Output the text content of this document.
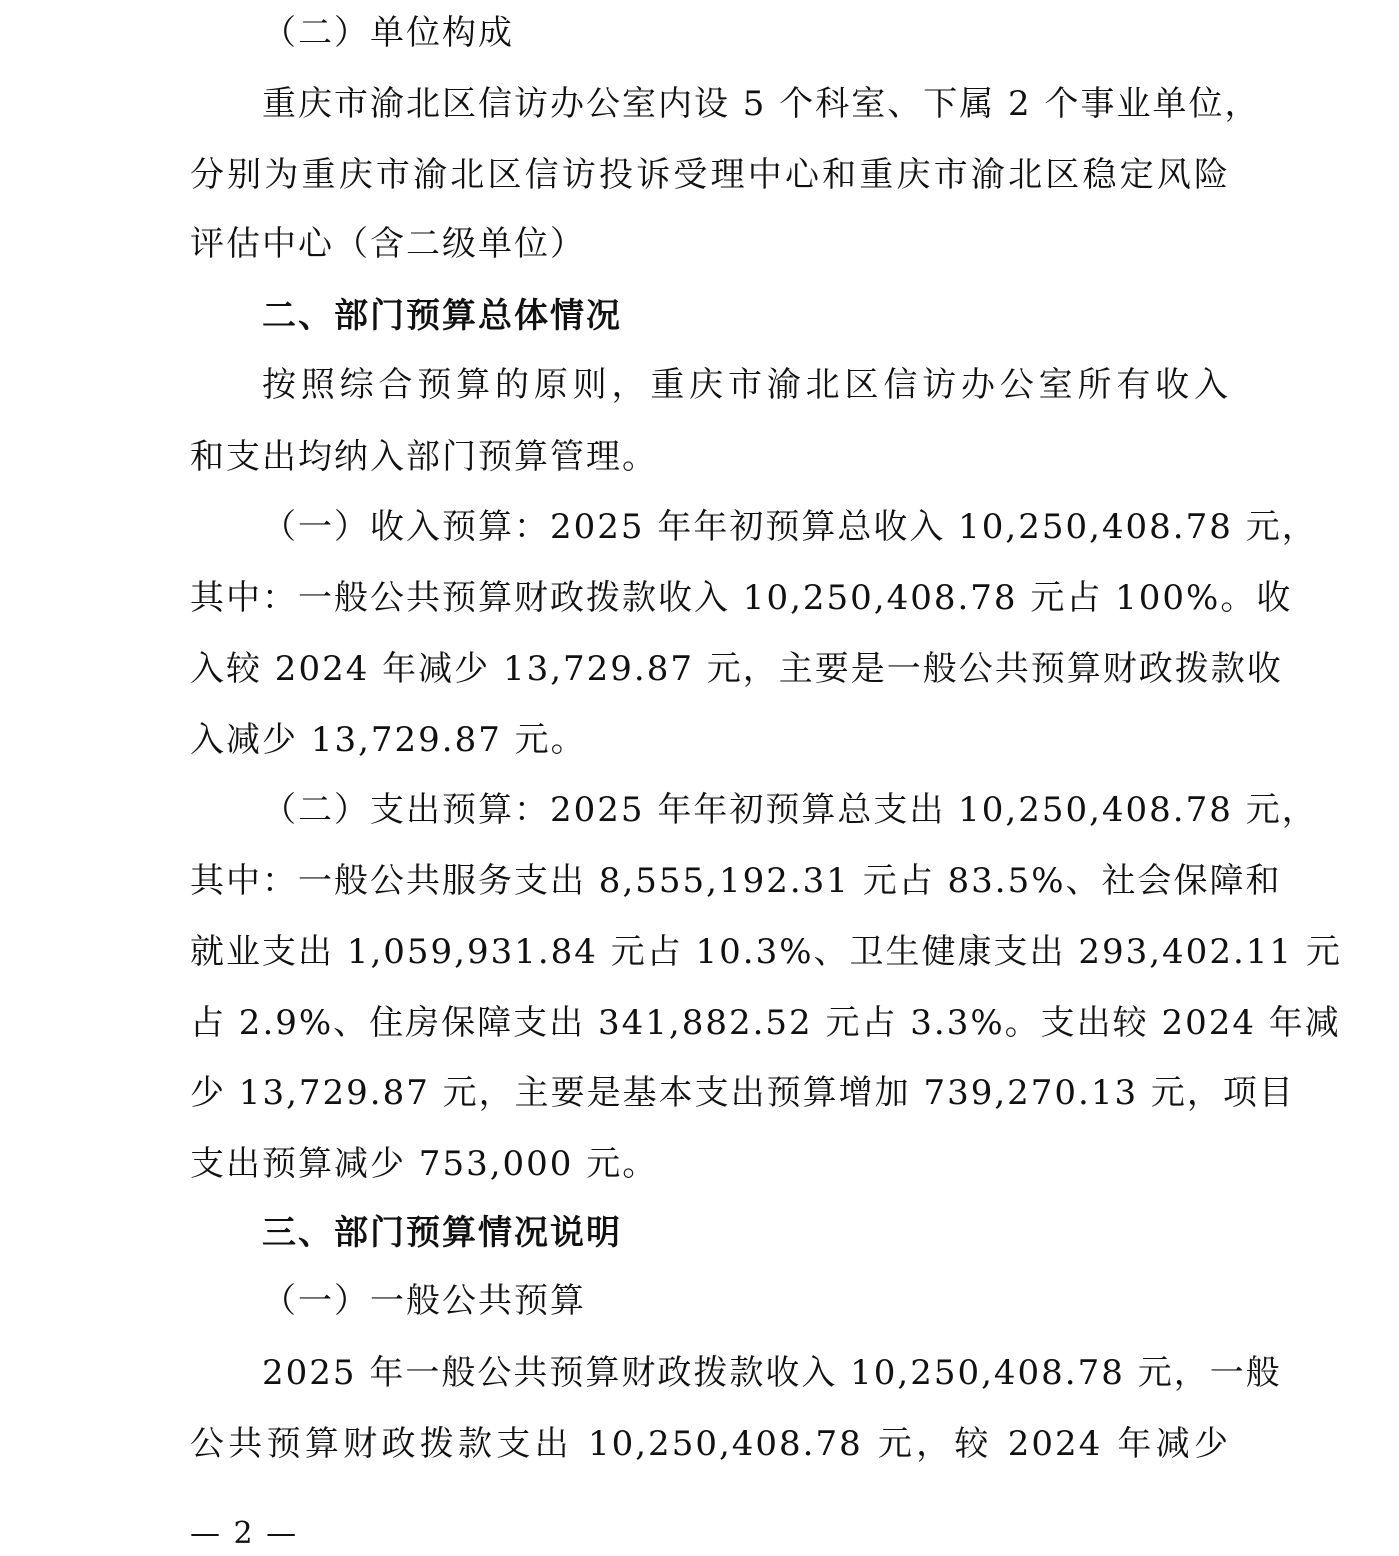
（二）单位构成
重庆市渝北区信访办公室内设 5 个科室、下属 2 个事业单位，
分别为重庆市渝北区信访投诉受理中心和重庆市渝北区稳定风险
评估中心（含二级单位）
二、部门预算总体情况
按照综合预算的原则，重庆市渝北区信访办公室所有收入
和支出均纳入部门预算管理。
（一）收入预算：2025 年年初预算总收入 10,250,408.78 元，
其中：一般公共预算财政拨款收入 10,250,408.78 元占 100%。收
入较 2024 年减少 13,729.87 元，主要是一般公共预算财政拨款收
入减少 13,729.87 元。
（二）支出预算：2025 年年初预算总支出 10,250,408.78 元，
其中：一般公共服务支出 8,555,192.31 元占 83.5%、社会保障和
就业支出 1,059,931.84 元占 10.3%、卫生健康支出 293,402.11 元
占 2.9%、住房保障支出 341,882.52 元占 3.3%。支出较 2024 年减
少 13,729.87 元，主要是基本支出预算增加 739,270.13 元，项目
支出预算减少 753,000 元。
三、部门预算情况说明
（一）一般公共预算
2025 年一般公共预算财政拨款收入 10,250,408.78 元，一般
公共预算财政拨款支出 10,250,408.78 元，较 2024 年减少
— 2 —
